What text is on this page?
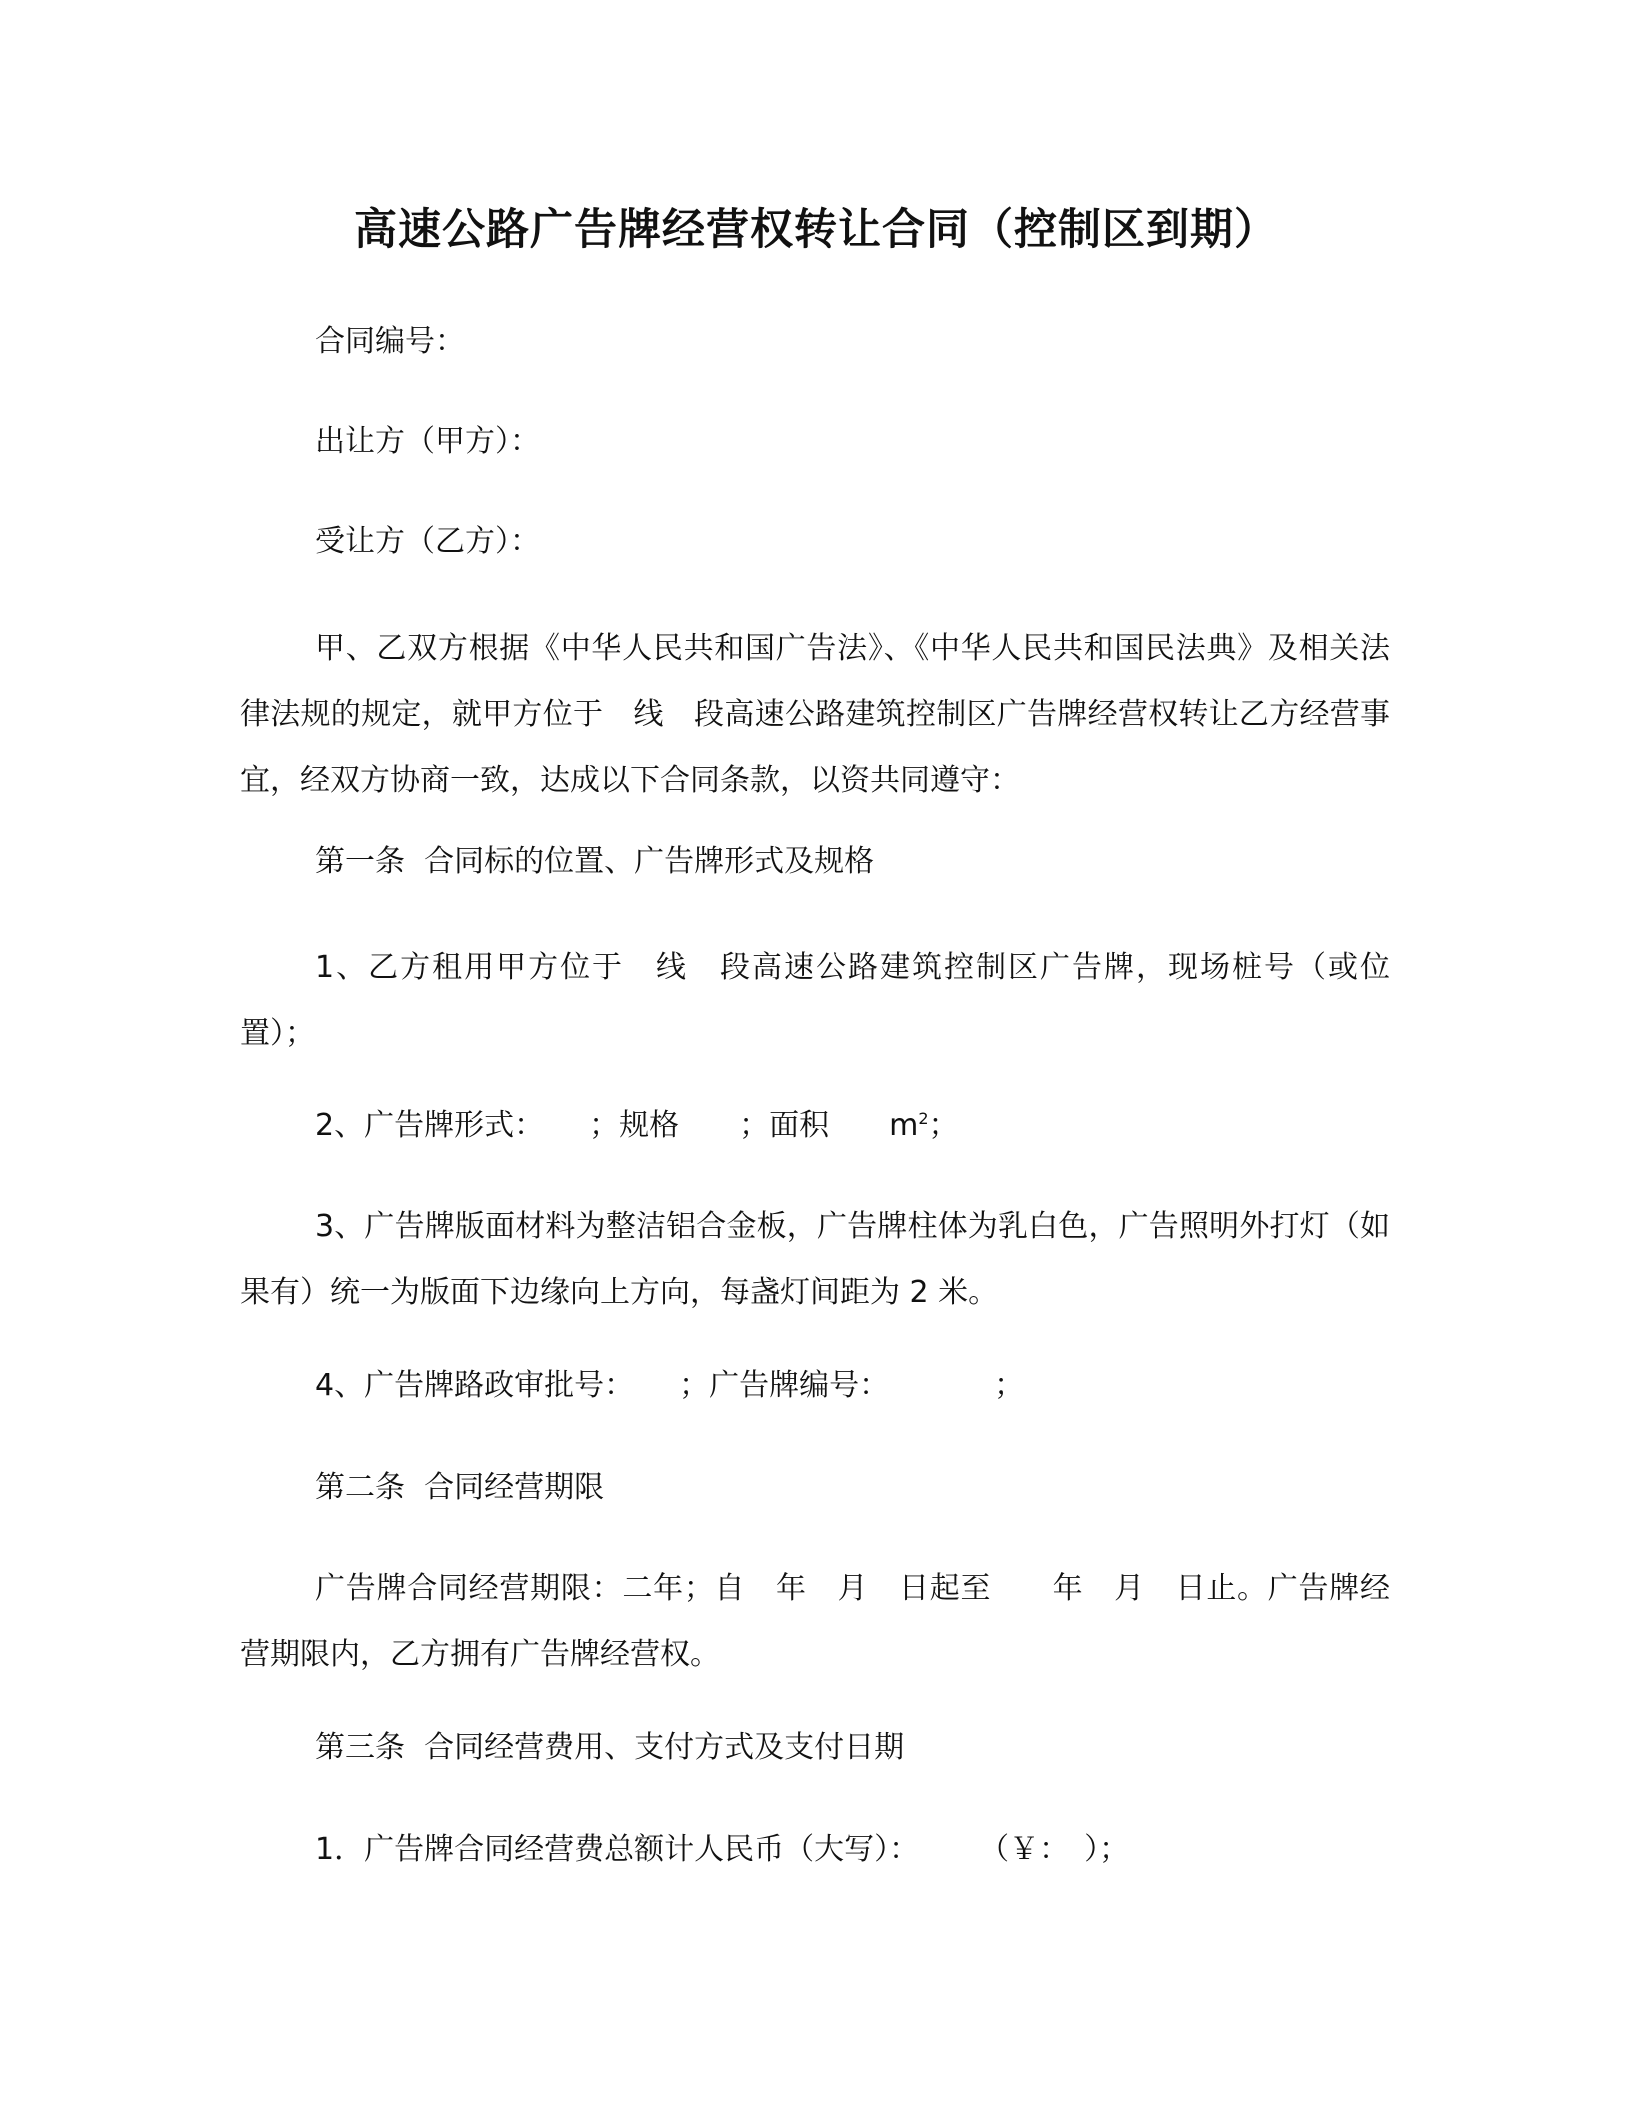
高速公路广告牌经营权转让合同（控制区到期）
合同编号：
出让方（甲方）：
受让方（乙方）：
甲、乙双方根据《中华人民共和国广告法》、《中华人民共和国民法典》及相关法律法规的规定，就甲方位于　线　段高速公路建筑控制区广告牌经营权转让乙方经营事宜，经双方协商一致，达成以下合同条款，以资共同遵守：
第一条  合同标的位置、广告牌形式及规格
1、乙方租用甲方位于　线　段高速公路建筑控制区广告牌，现场桩号（或位置）；
2、广告牌形式：　　；规格　　；面积　　$m^2$；
3、广告牌版面材料为整洁铝合金板，广告牌柱体为乳白色，广告照明外打灯（如果有）统一为版面下边缘向上方向，每盏灯间距为 2 米。
4、广告牌路政审批号：　　；广告牌编号：　　　　；
第二条  合同经营期限
广告牌合同经营期限：二年；自　年　月　日起至　　年　月　日止。广告牌经营期限内，乙方拥有广告牌经营权。
第三条  合同经营费用、支付方式及支付日期
1．广告牌合同经营费总额计人民币（大写）：　　　（￥：　）；
